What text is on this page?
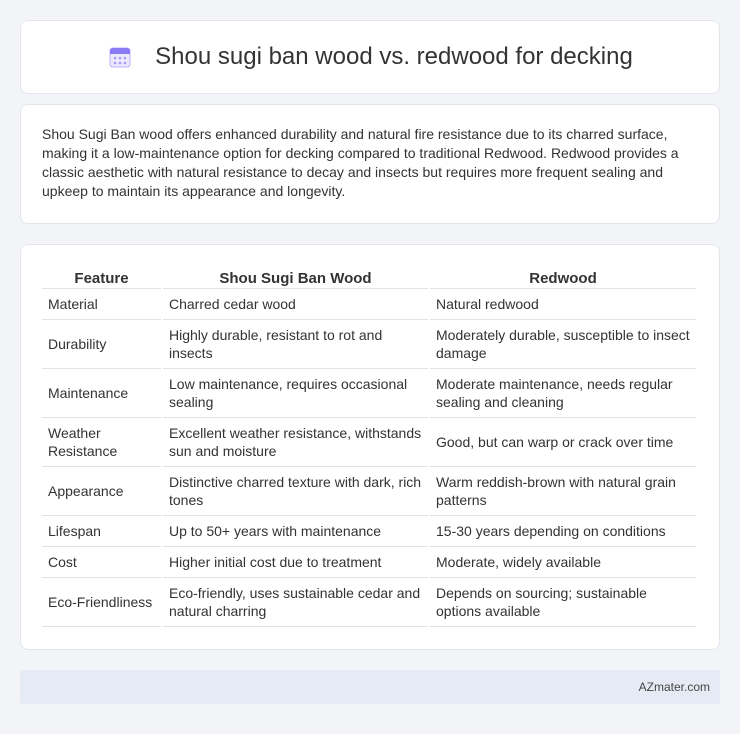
Shou sugi ban wood vs. redwood for decking

Shou Sugi Ban wood offers enhanced durability and natural fire resistance due to its charred surface, making it a low-maintenance option for decking compared to traditional Redwood. Redwood provides a classic aesthetic with natural resistance to decay and insects but requires more frequent sealing and upkeep to maintain its appearance and longevity.

Feature	Shou Sugi Ban Wood	Redwood
Material	Charred cedar wood	Natural redwood
Durability	Highly durable, resistant to rot and insects	Moderately durable, susceptible to insect damage
Maintenance	Low maintenance, requires occasional sealing	Moderate maintenance, needs regular sealing and cleaning
Weather Resistance	Excellent weather resistance, withstands sun and moisture	Good, but can warp or crack over time
Appearance	Distinctive charred texture with dark, rich tones	Warm reddish-brown with natural grain patterns
Lifespan	Up to 50+ years with maintenance	15-30 years depending on conditions
Cost	Higher initial cost due to treatment	Moderate, widely available
Eco-Friendliness	Eco-friendly, uses sustainable cedar and natural charring	Depends on sourcing; sustainable options available
AZmater.com
